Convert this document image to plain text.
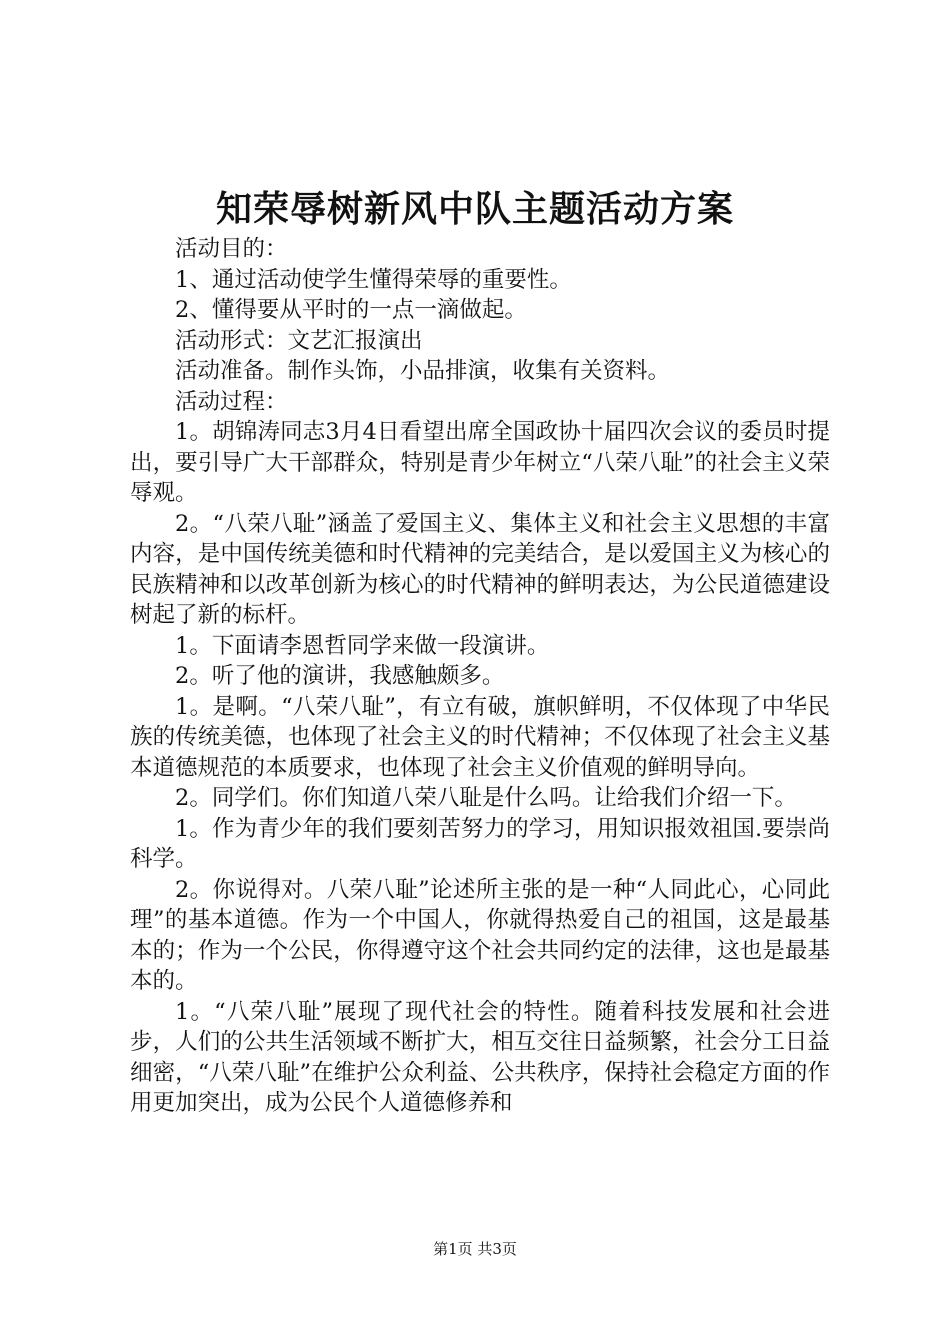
知荣辱树新风中队主题活动方案

活动目的：

1、通过活动使学生懂得荣辱的重要性。

2、懂得要从平时的一点一滴做起。

活动形式：文艺汇报演出

活动准备。制作头饰，小品排演，收集有关资料。

活动过程：

1。胡锦涛同志3月4日看望出席全国政协十届四次会议的委员时提出，要引导广大干部群众，特别是青少年树立“八荣八耻”的社会主义荣辱观。

2。“八荣八耻”涵盖了爱国主义、集体主义和社会主义思想的丰富内容，是中国传统美德和时代精神的完美结合，是以爱国主义为核心的民族精神和以改革创新为核心的时代精神的鲜明表达，为公民道德建设树起了新的标杆。

1。下面请李恩哲同学来做一段演讲。

2。听了他的演讲，我感触颇多。

1。是啊。“八荣八耻”，有立有破，旗帜鲜明，不仅体现了中华民族的传统美德，也体现了社会主义的时代精神；不仅体现了社会主义基本道德规范的本质要求，也体现了社会主义价值观的鲜明导向。

2。同学们。你们知道八荣八耻是什么吗。让给我们介绍一下。

1。作为青少年的我们要刻苦努力的学习，用知识报效祖国.要崇尚科学。

2。你说得对。八荣八耻”论述所主张的是一种“人同此心，心同此理”的基本道德。作为一个中国人，你就得热爱自己的祖国，这是最基本的；作为一个公民，你得遵守这个社会共同约定的法律，这也是最基本的。

1。“八荣八耻”展现了现代社会的特性。随着科技发展和社会进步，人们的公共生活领域不断扩大，相互交往日益频繁，社会分工日益细密，“八荣八耻”在维护公众利益、公共秩序，保持社会稳定方面的作用更加突出，成为公民个人道德修养和

第1页 共3页
